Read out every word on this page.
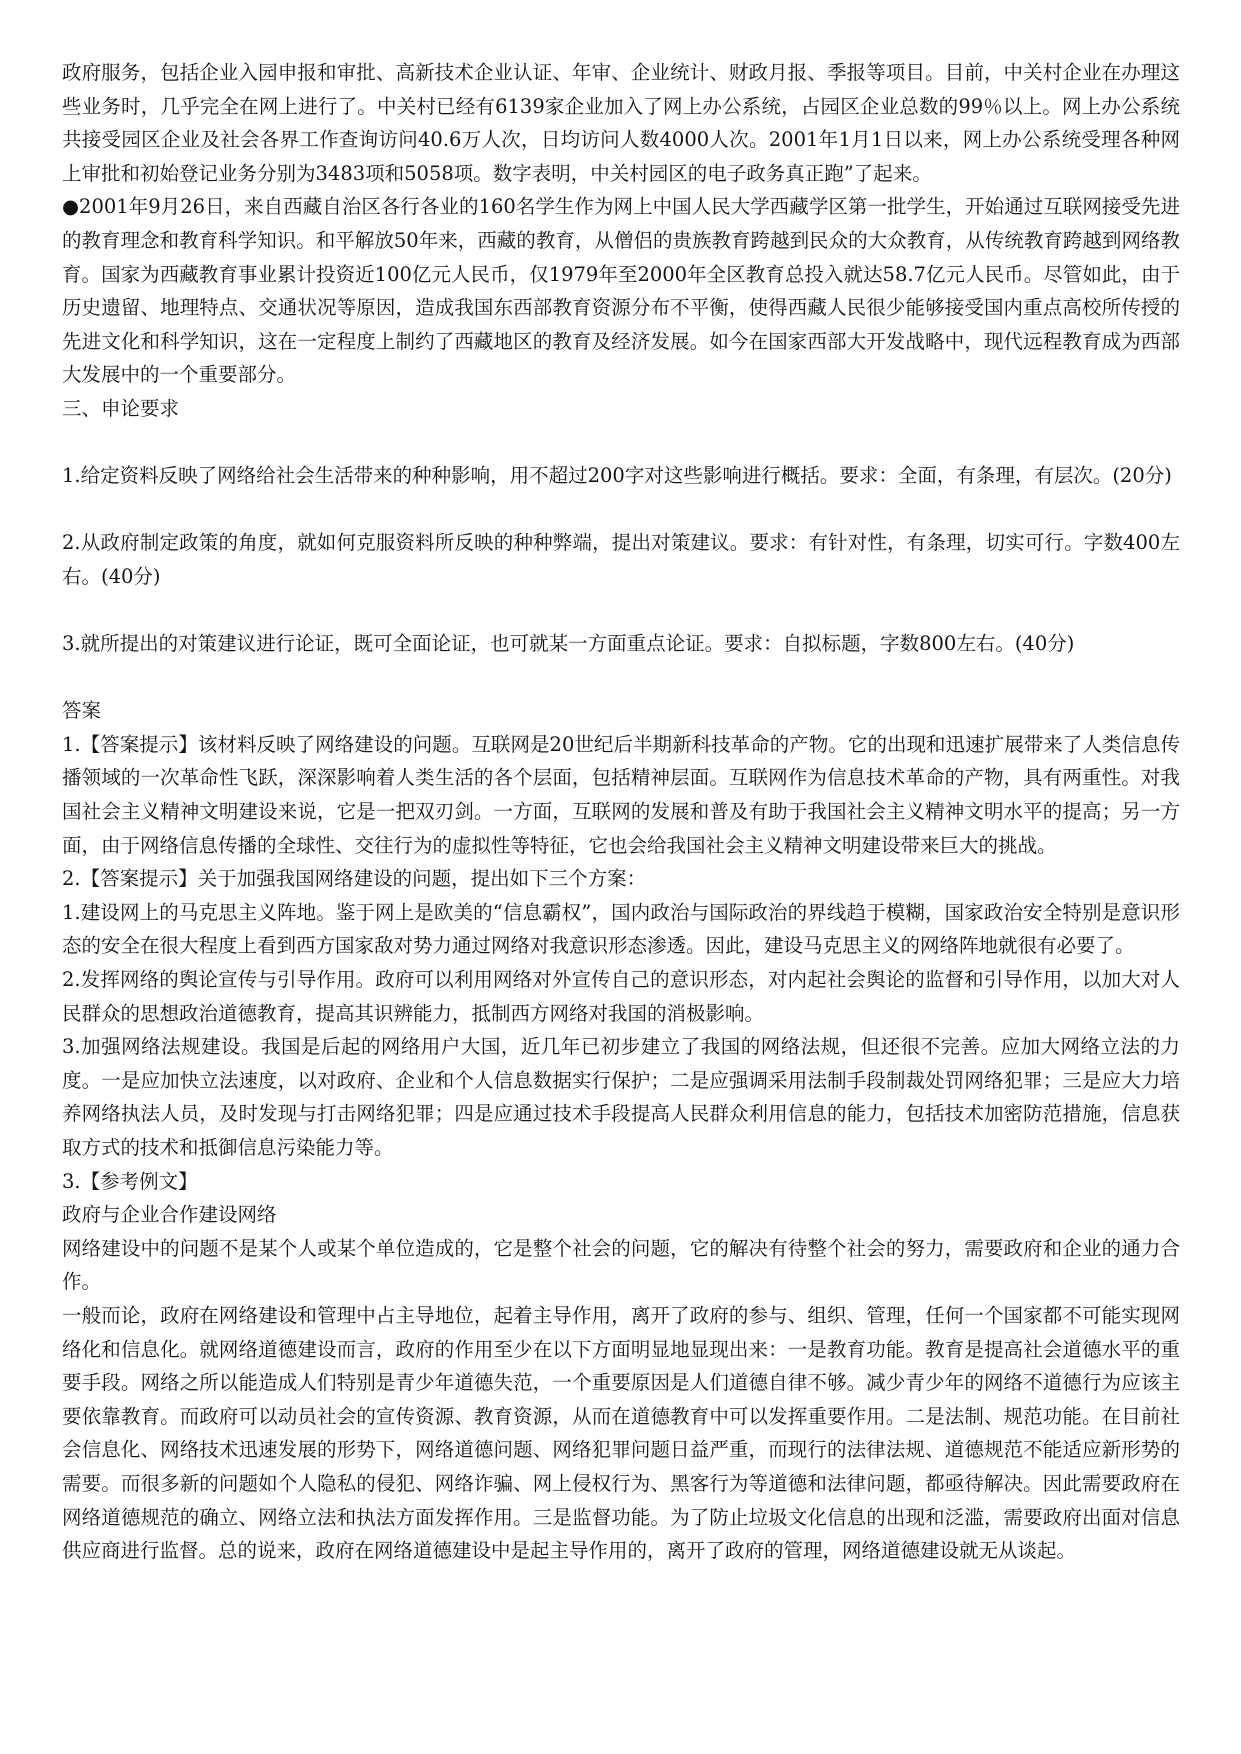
政府服务，包括企业入园申报和审批、高新技术企业认证、年审、企业统计、财政月报、季报等项目。目前，中关村企业在办理这些业务时，几乎完全在网上进行了。中关村已经有6139家企业加入了网上办公系统，占园区企业总数的99％以上。网上办公系统共接受园区企业及社会各界工作查询访问40.6万人次，日均访问人数4000人次。2001年1月1日以来，网上办公系统受理各种网上审批和初始登记业务分别为3483项和5058项。数字表明，中关村园区的电子政务真正跑”了起来。

●2001年9月26日，来自西藏自治区各行各业的160名学生作为网上中国人民大学西藏学区第一批学生，开始通过互联网接受先进的教育理念和教育科学知识。和平解放50年来，西藏的教育，从僧侣的贵族教育跨越到民众的大众教育，从传统教育跨越到网络教育。国家为西藏教育事业累计投资近100亿元人民币，仅1979年至2000年全区教育总投入就达58.7亿元人民币。尽管如此，由于历史遗留、地理特点、交通状况等原因，造成我国东西部教育资源分布不平衡，使得西藏人民很少能够接受国内重点高校所传授的先进文化和科学知识，这在一定程度上制约了西藏地区的教育及经济发展。如今在国家西部大开发战略中，现代远程教育成为西部大发展中的一个重要部分。

三、申论要求

1.给定资料反映了网络给社会生活带来的种种影响，用不超过200字对这些影响进行概括。要求：全面，有条理，有层次。(20分)

2.从政府制定政策的角度，就如何克服资料所反映的种种弊端，提出对策建议。要求：有针对性，有条理，切实可行。字数400左右。(40分)

3.就所提出的对策建议进行论证，既可全面论证，也可就某一方面重点论证。要求：自拟标题，字数800左右。(40分)

答案

1.【答案提示】该材料反映了网络建设的问题。互联网是20世纪后半期新科技革命的产物。它的出现和迅速扩展带来了人类信息传播领域的一次革命性飞跃，深深影响着人类生活的各个层面，包括精神层面。互联网作为信息技术革命的产物，具有两重性。对我国社会主义精神文明建设来说，它是一把双刃剑。一方面，互联网的发展和普及有助于我国社会主义精神文明水平的提高；另一方面，由于网络信息传播的全球性、交往行为的虚拟性等特征，它也会给我国社会主义精神文明建设带来巨大的挑战。

2.【答案提示】关于加强我国网络建设的问题，提出如下三个方案：

1.建设网上的马克思主义阵地。鉴于网上是欧美的“信息霸权”，国内政治与国际政治的界线趋于模糊，国家政治安全特别是意识形态的安全在很大程度上看到西方国家敌对势力通过网络对我意识形态渗透。因此，建设马克思主义的网络阵地就很有必要了。

2.发挥网络的舆论宣传与引导作用。政府可以利用网络对外宣传自己的意识形态，对内起社会舆论的监督和引导作用，以加大对人民群众的思想政治道德教育，提高其识辨能力，抵制西方网络对我国的消极影响。

3.加强网络法规建设。我国是后起的网络用户大国，近几年已初步建立了我国的网络法规，但还很不完善。应加大网络立法的力度。一是应加快立法速度，以对政府、企业和个人信息数据实行保护；二是应强调采用法制手段制裁处罚网络犯罪；三是应大力培养网络执法人员，及时发现与打击网络犯罪；四是应通过技术手段提高人民群众利用信息的能力，包括技术加密防范措施，信息获取方式的技术和抵御信息污染能力等。

3.【参考例文】

政府与企业合作建设网络

网络建设中的问题不是某个人或某个单位造成的，它是整个社会的问题，它的解决有待整个社会的努力，需要政府和企业的通力合作。

一般而论，政府在网络建设和管理中占主导地位，起着主导作用，离开了政府的参与、组织、管理，任何一个国家都不可能实现网络化和信息化。就网络道德建设而言，政府的作用至少在以下方面明显地显现出来：一是教育功能。教育是提高社会道德水平的重要手段。网络之所以能造成人们特别是青少年道德失范，一个重要原因是人们道德自律不够。减少青少年的网络不道德行为应该主要依靠教育。而政府可以动员社会的宣传资源、教育资源，从而在道德教育中可以发挥重要作用。二是法制、规范功能。在目前社会信息化、网络技术迅速发展的形势下，网络道德问题、网络犯罪问题日益严重，而现行的法律法规、道德规范不能适应新形势的需要。而很多新的问题如个人隐私的侵犯、网络诈骗、网上侵权行为、黑客行为等道德和法律问题，都亟待解决。因此需要政府在网络道德规范的确立、网络立法和执法方面发挥作用。三是监督功能。为了防止垃圾文化信息的出现和泛滥，需要政府出面对信息供应商进行监督。总的说来，政府在网络道德建设中是起主导作用的，离开了政府的管理，网络道德建设就无从谈起。
